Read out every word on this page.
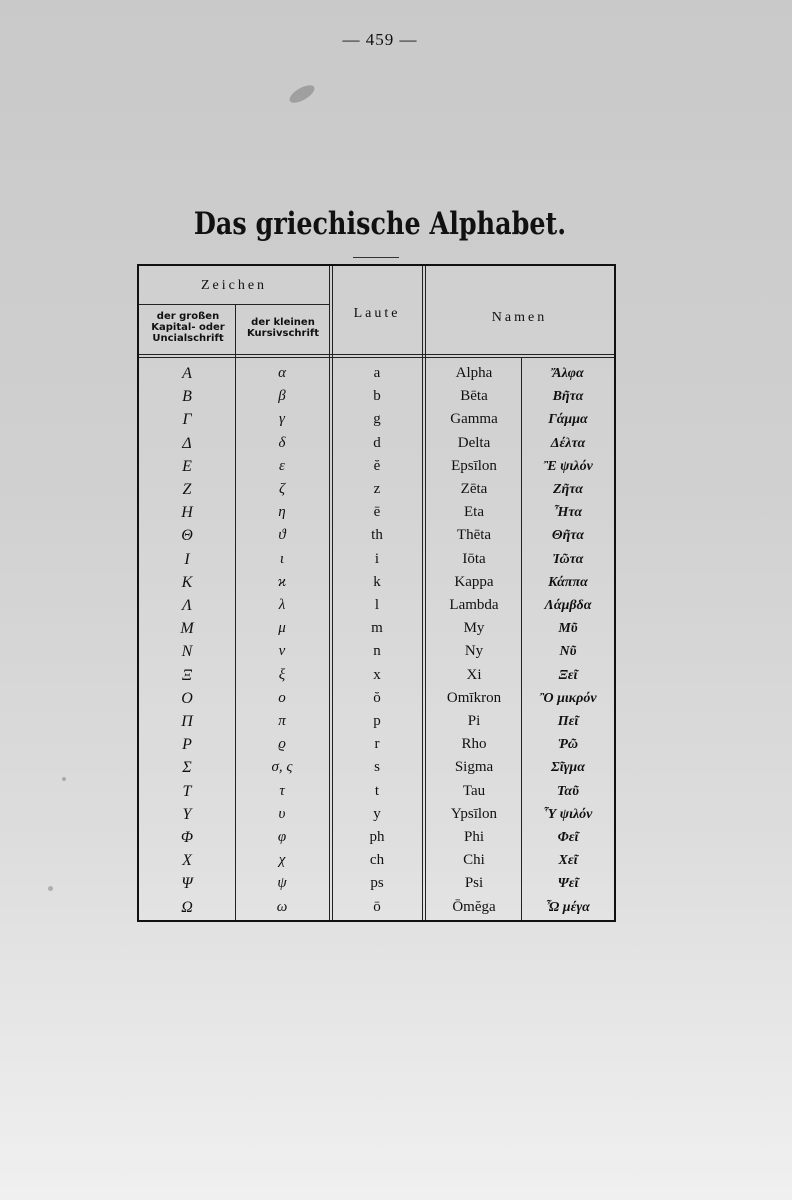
— 459 —
Das griechische Alphabet.
Zeichen
der großen Kapital- oder Uncialschrift
der kleinen Kursivschrift
Laute	Namen
Α	α	a	Alpha	Ἄλφα
Β	β	b	Bēta	Βῆτα
Γ	γ	g	Gamma	Γάμμα
Δ	δ	d	Delta	Δέλτα
Ε	ε	ĕ	Epsīlon	Ἒ ψιλόν
Ζ	ζ	z	Zēta	Ζῆτα
Η	η	ē	Eta	Ἦτα
Θ	ϑ	th	Thēta	Θῆτα
Ι	ι	i	Iōta	Ἰῶτα
Κ	ϰ	k	Kappa	Κάππα
Λ	λ	l	Lambda	Λάμβδα
Μ	μ	m	My	Μῦ
Ν	ν	n	Ny	Νῦ
Ξ	ξ	x	Xi	Ξεῖ
Ο	ο	ŏ	Omīkron	Ὂ μικρόν
Π	π	p	Pi	Πεῖ
Ρ	ϱ	r	Rho	Ῥῶ
Σ	σ, ς	s	Sigma	Σῖγμα
Τ	τ	t	Tau	Ταῦ
Υ	υ	y	Ypsīlon	Ὗ ψιλόν
Φ	φ	ph	Phi	Φεῖ
Χ	χ	ch	Chi	Χεῖ
Ψ	ψ	ps	Psi	Ψεῖ
Ω	ω	ō	Ōmĕga	Ὦ μέγα
